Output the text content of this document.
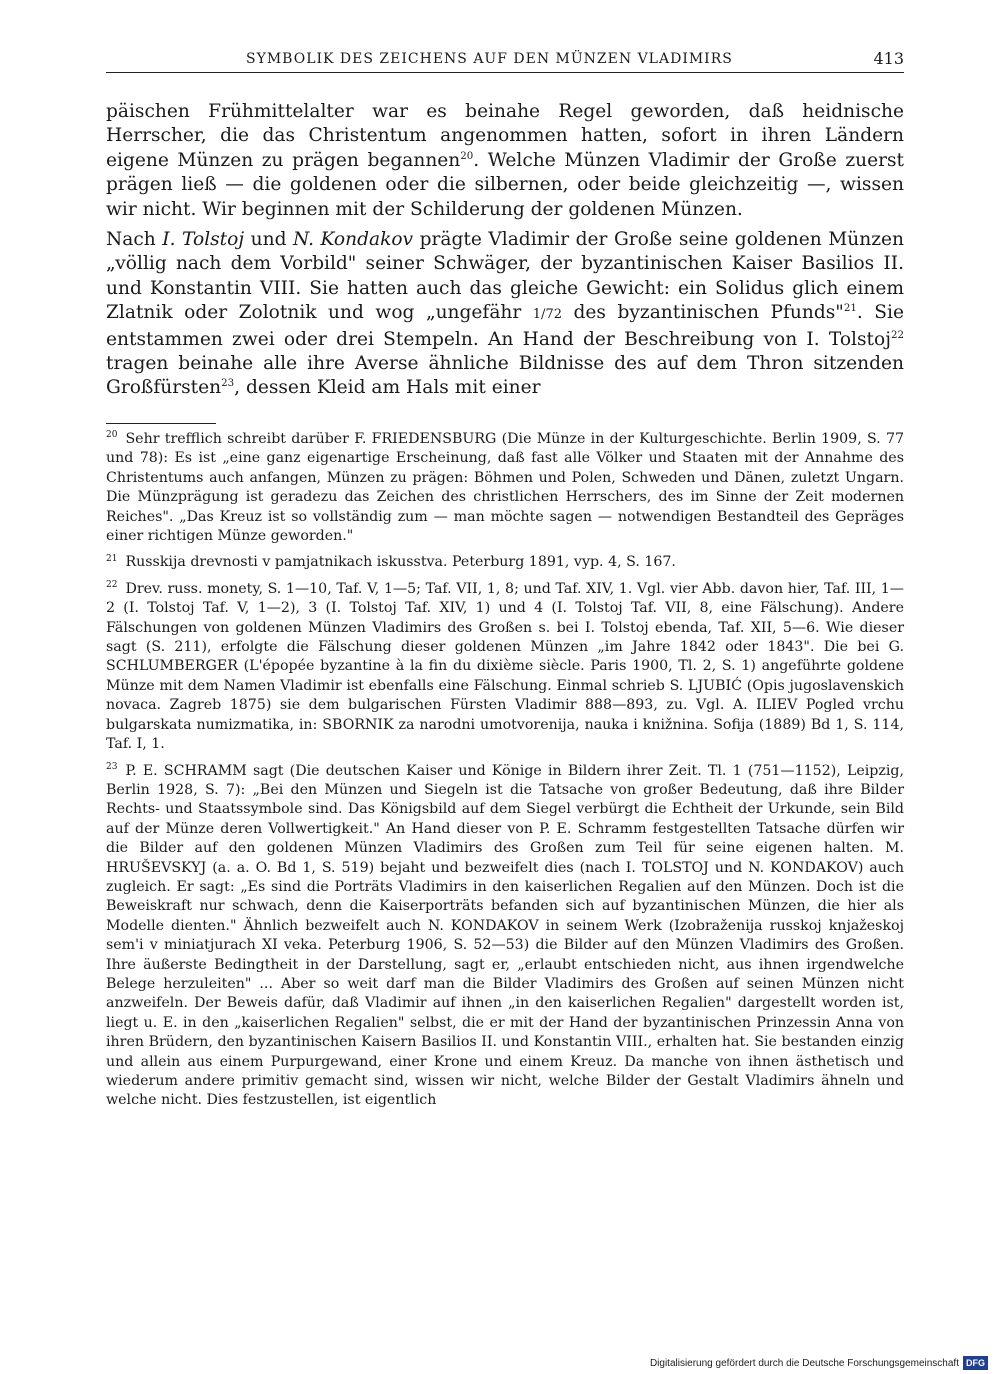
SYMBOLIK DES ZEICHENS AUF DEN MÜNZEN VLADIMIRS	413

päischen Frühmittelalter war es beinahe Regel geworden, daß heidnische Herrscher, die das Christentum angenommen hatten, sofort in ihren Ländern eigene Münzen zu prägen begannen$^{20}$. Welche Münzen Vladimir der Große zuerst prägen ließ — die goldenen oder die silbernen, oder beide gleichzeitig —, wissen wir nicht. Wir beginnen mit der Schilderung der goldenen Münzen.

Nach I. Tolstoj und N. Kondakov prägte Vladimir der Große seine goldenen Münzen „völlig nach dem Vorbild" seiner Schwäger, der byzantinischen Kaiser Basilios II. und Konstantin VIII. Sie hatten auch das gleiche Gewicht: ein Solidus glich einem Zlatnik oder Zolotnik und wog „ungefähr 1/72 des byzantinischen Pfunds"$^{21}$. Sie entstammen zwei oder drei Stempeln. An Hand der Beschreibung von I. Tolstoj$^{22}$ tragen beinahe alle ihre Averse ähnliche Bildnisse des auf dem Thron sitzenden Großfürsten$^{23}$, dessen Kleid am Hals mit einer

$^{20}$ Sehr trefflich schreibt darüber F. FRIEDENSBURG (Die Münze in der Kulturgeschichte. Berlin 1909, S. 77 und 78): Es ist „eine ganz eigenartige Erscheinung, daß fast alle Völker und Staaten mit der Annahme des Christentums auch anfangen, Münzen zu prägen: Böhmen und Polen, Schweden und Dänen, zuletzt Ungarn. Die Münzprägung ist geradezu das Zeichen des christlichen Herrschers, des im Sinne der Zeit modernen Reiches". „Das Kreuz ist so vollständig zum — man möchte sagen — notwendigen Bestandteil des Gepräges einer richtigen Münze geworden."

$^{21}$ Russkija drevnosti v pamjatnikach iskusstva. Peterburg 1891, vyp. 4, S. 167.

$^{22}$ Drev. russ. monety, S. 1—10, Taf. V, 1—5; Taf. VII, 1, 8; und Taf. XIV, 1. Vgl. vier Abb. davon hier, Taf. III, 1—2 (I. Tolstoj Taf. V, 1—2), 3 (I. Tolstoj Taf. XIV, 1) und 4 (I. Tolstoj Taf. VII, 8, eine Fälschung). Andere Fälschungen von goldenen Münzen Vladimirs des Großen s. bei I. Tolstoj ebenda, Taf. XII, 5—6. Wie dieser sagt (S. 211), erfolgte die Fälschung dieser goldenen Münzen „im Jahre 1842 oder 1843". Die bei G. SCHLUMBERGER (L'épopée byzantine à la fin du dixième siècle. Paris 1900, Tl. 2, S. 1) angeführte goldene Münze mit dem Namen Vladimir ist ebenfalls eine Fälschung. Einmal schrieb S. LJUBIĆ (Opis jugoslavenskich novaca. Zagreb 1875) sie dem bulgarischen Fürsten Vladimir 888—893, zu. Vgl. A. ILIEV Pogled vrchu bulgarskata numizmatika, in: SBORNIK za narodni umotvorenija, nauka i knižnina. Sofija (1889) Bd 1, S. 114, Taf. I, 1.

$^{23}$ P. E. SCHRAMM sagt (Die deutschen Kaiser und Könige in Bildern ihrer Zeit. Tl. 1 (751—1152), Leipzig, Berlin 1928, S. 7): „Bei den Münzen und Siegeln ist die Tatsache von großer Bedeutung, daß ihre Bilder Rechts- und Staatssymbole sind. Das Königsbild auf dem Siegel verbürgt die Echtheit der Urkunde, sein Bild auf der Münze deren Vollwertigkeit." An Hand dieser von P. E. Schramm festgestellten Tatsache dürfen wir die Bilder auf den goldenen Münzen Vladimirs des Großen zum Teil für seine eigenen halten. M. HRUŠEVSKYJ (a. a. O. Bd 1, S. 519) bejaht und bezweifelt dies (nach I. TOLSTOJ und N. KONDAKOV) auch zugleich. Er sagt: „Es sind die Porträts Vladimirs in den kaiserlichen Regalien auf den Münzen. Doch ist die Beweiskraft nur schwach, denn die Kaiserporträts befanden sich auf byzantinischen Münzen, die hier als Modelle dienten." Ähnlich bezweifelt auch N. KONDAKOV in seinem Werk (Izobraženija russkoj knjažeskoj sem'i v miniatjurach XI veka. Peterburg 1906, S. 52—53) die Bilder auf den Münzen Vladimirs des Großen. Ihre äußerste Bedingtheit in der Darstellung, sagt er, „erlaubt entschieden nicht, aus ihnen irgendwelche Belege herzuleiten" ... Aber so weit darf man die Bilder Vladimirs des Großen auf seinen Münzen nicht anzweifeln. Der Beweis dafür, daß Vladimir auf ihnen „in den kaiserlichen Regalien" dargestellt worden ist, liegt u. E. in den „kaiserlichen Regalien" selbst, die er mit der Hand der byzantinischen Prinzessin Anna von ihren Brüdern, den byzantinischen Kaisern Basilios II. und Konstantin VIII., erhalten hat. Sie bestanden einzig und allein aus einem Purpurgewand, einer Krone und einem Kreuz. Da manche von ihnen ästhetisch und wiederum andere primitiv gemacht sind, wissen wir nicht, welche Bilder der Gestalt Vladimirs ähneln und welche nicht. Dies festzustellen, ist eigentlich

Digitalisierung gefördert durch die Deutsche Forschungsgemeinschaft DFG
